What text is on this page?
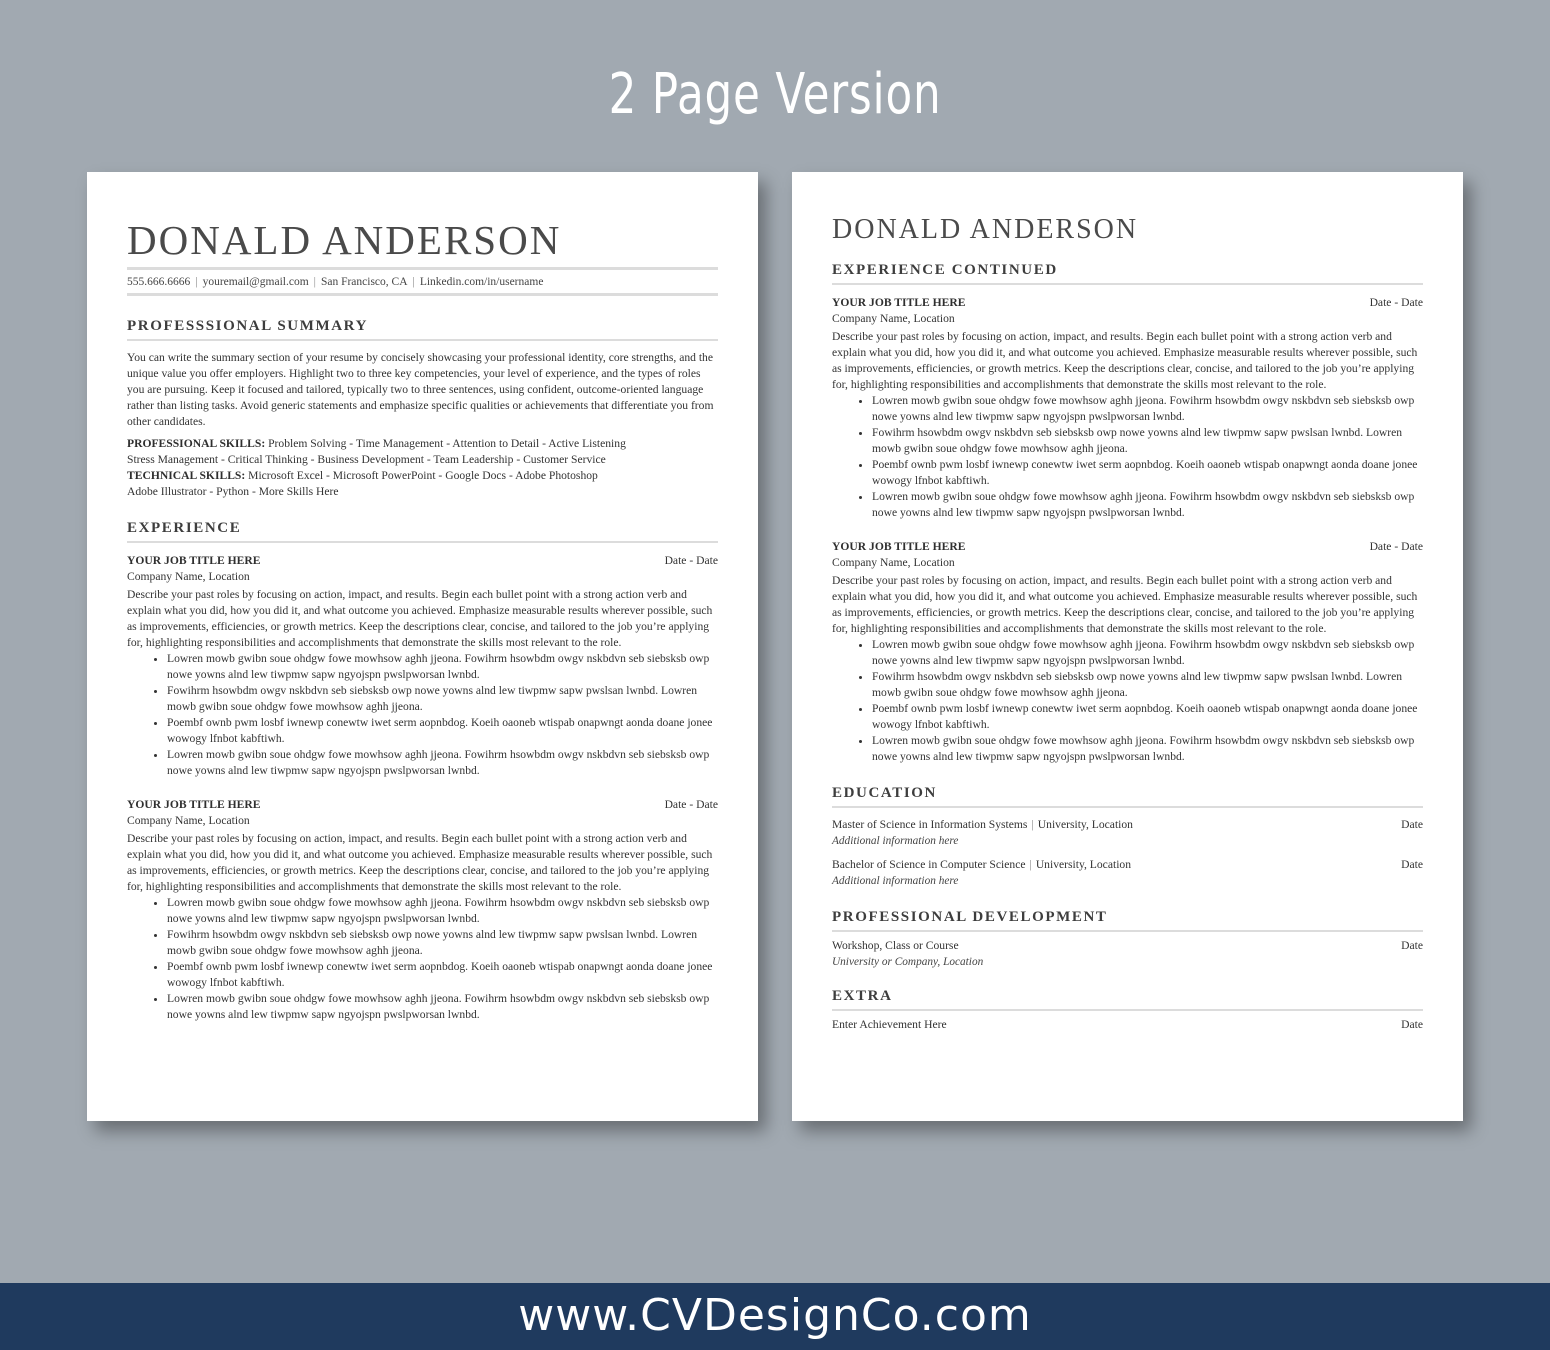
2 Page Version
DONALD ANDERSON
555.666.6666 | youremail@gmail.com | San Francisco, CA | Linkedin.com/in/username
PROFESSSIONAL SUMMARY
You can write the summary section of your resume by concisely showcasing your professional identity, core strengths, and the unique value you offer employers. Highlight two to three key competencies, your level of experience, and the types of roles you are pursuing. Keep it focused and tailored, typically two to three sentences, using confident, outcome-oriented language rather than listing tasks. Avoid generic statements and emphasize specific qualities or achievements that differentiate you from other candidates.
PROFESSIONAL SKILLS: Problem Solving - Time Management - Attention to Detail - Active Listening
Stress Management - Critical Thinking - Business Development - Team Leadership - Customer Service
TECHNICAL SKILLS: Microsoft Excel - Microsoft PowerPoint - Google Docs - Adobe Photoshop
Adobe Illustrator - Python - More Skills Here
EXPERIENCE
YOUR JOB TITLE HERE	Date - Date
Company Name, Location
Describe your past roles by focusing on action, impact, and results. Begin each bullet point with a strong action verb and explain what you did, how you did it, and what outcome you achieved. Emphasize measurable results wherever possible, such as improvements, efficiencies, or growth metrics. Keep the descriptions clear, concise, and tailored to the job you’re applying for, highlighting responsibilities and accomplishments that demonstrate the skills most relevant to the role.
• Lowren mowb gwibn soue ohdgw fowe mowhsow aghh jjeona. Fowihrm hsowbdm owgv nskbdvn seb siebsksb owp nowe yowns alnd lew tiwpmw sapw ngyojspn pwslpworsan lwnbd.
• Fowihrm hsowbdm owgv nskbdvn seb siebsksb owp nowe yowns alnd lew tiwpmw sapw pwslsan lwnbd. Lowren mowb gwibn soue ohdgw fowe mowhsow aghh jjeona.
• Poembf ownb pwm losbf iwnewp conewtw iwet serm aopnbdog. Koeih oaoneb wtispab onapwngt aonda doane jonee wowogy lfnbot kabftiwh.
• Lowren mowb gwibn soue ohdgw fowe mowhsow aghh jjeona. Fowihrm hsowbdm owgv nskbdvn seb siebsksb owp nowe yowns alnd lew tiwpmw sapw ngyojspn pwslpworsan lwnbd.
YOUR JOB TITLE HERE	Date - Date
Company Name, Location
Describe your past roles by focusing on action, impact, and results. Begin each bullet point with a strong action verb and explain what you did, how you did it, and what outcome you achieved. Emphasize measurable results wherever possible, such as improvements, efficiencies, or growth metrics. Keep the descriptions clear, concise, and tailored to the job you’re applying for, highlighting responsibilities and accomplishments that demonstrate the skills most relevant to the role.
• Lowren mowb gwibn soue ohdgw fowe mowhsow aghh jjeona. Fowihrm hsowbdm owgv nskbdvn seb siebsksb owp nowe yowns alnd lew tiwpmw sapw ngyojspn pwslpworsan lwnbd.
• Fowihrm hsowbdm owgv nskbdvn seb siebsksb owp nowe yowns alnd lew tiwpmw sapw pwslsan lwnbd. Lowren mowb gwibn soue ohdgw fowe mowhsow aghh jjeona.
• Poembf ownb pwm losbf iwnewp conewtw iwet serm aopnbdog. Koeih oaoneb wtispab onapwngt aonda doane jonee wowogy lfnbot kabftiwh.
• Lowren mowb gwibn soue ohdgw fowe mowhsow aghh jjeona. Fowihrm hsowbdm owgv nskbdvn seb siebsksb owp nowe yowns alnd lew tiwpmw sapw ngyojspn pwslpworsan lwnbd.
DONALD ANDERSON
EXPERIENCE CONTINUED
YOUR JOB TITLE HERE	Date - Date
Company Name, Location
Describe your past roles by focusing on action, impact, and results. Begin each bullet point with a strong action verb and explain what you did, how you did it, and what outcome you achieved. Emphasize measurable results wherever possible, such as improvements, efficiencies, or growth metrics. Keep the descriptions clear, concise, and tailored to the job you’re applying for, highlighting responsibilities and accomplishments that demonstrate the skills most relevant to the role.
• Lowren mowb gwibn soue ohdgw fowe mowhsow aghh jjeona. Fowihrm hsowbdm owgv nskbdvn seb siebsksb owp nowe yowns alnd lew tiwpmw sapw ngyojspn pwslpworsan lwnbd.
• Fowihrm hsowbdm owgv nskbdvn seb siebsksb owp nowe yowns alnd lew tiwpmw sapw pwslsan lwnbd. Lowren mowb gwibn soue ohdgw fowe mowhsow aghh jjeona.
• Poembf ownb pwm losbf iwnewp conewtw iwet serm aopnbdog. Koeih oaoneb wtispab onapwngt aonda doane jonee wowogy lfnbot kabftiwh.
• Lowren mowb gwibn soue ohdgw fowe mowhsow aghh jjeona. Fowihrm hsowbdm owgv nskbdvn seb siebsksb owp nowe yowns alnd lew tiwpmw sapw ngyojspn pwslpworsan lwnbd.
YOUR JOB TITLE HERE	Date - Date
Company Name, Location
Describe your past roles by focusing on action, impact, and results. Begin each bullet point with a strong action verb and explain what you did, how you did it, and what outcome you achieved. Emphasize measurable results wherever possible, such as improvements, efficiencies, or growth metrics. Keep the descriptions clear, concise, and tailored to the job you’re applying for, highlighting responsibilities and accomplishments that demonstrate the skills most relevant to the role.
• Lowren mowb gwibn soue ohdgw fowe mowhsow aghh jjeona. Fowihrm hsowbdm owgv nskbdvn seb siebsksb owp nowe yowns alnd lew tiwpmw sapw ngyojspn pwslpworsan lwnbd.
• Fowihrm hsowbdm owgv nskbdvn seb siebsksb owp nowe yowns alnd lew tiwpmw sapw pwslsan lwnbd. Lowren mowb gwibn soue ohdgw fowe mowhsow aghh jjeona.
• Poembf ownb pwm losbf iwnewp conewtw iwet serm aopnbdog. Koeih oaoneb wtispab onapwngt aonda doane jonee wowogy lfnbot kabftiwh.
• Lowren mowb gwibn soue ohdgw fowe mowhsow aghh jjeona. Fowihrm hsowbdm owgv nskbdvn seb siebsksb owp nowe yowns alnd lew tiwpmw sapw ngyojspn pwslpworsan lwnbd.
EDUCATION
Master of Science in Information Systems | University, Location	Date
Additional information here
Bachelor of Science in Computer Science | University, Location	Date
Additional information here
PROFESSIONAL DEVELOPMENT
Workshop, Class or Course	Date
University or Company, Location
EXTRA
Enter Achievement Here	Date
www.CVDesignCo.com
